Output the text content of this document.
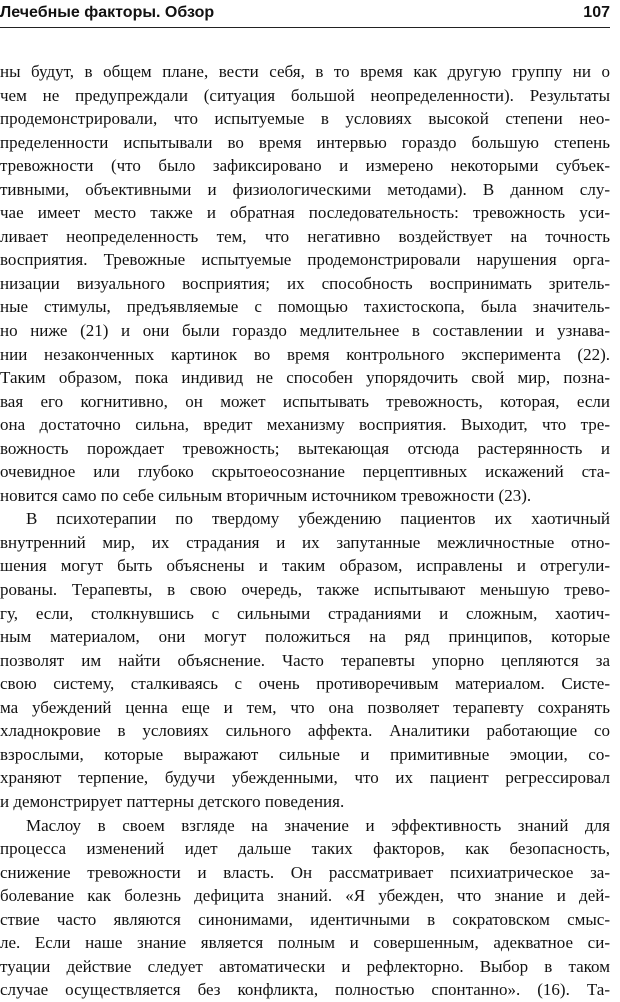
Лечебные факторы. Обзор	107
ны будут, в общем плане, вести себя, в то время как другую группу ни о
чем не предупреждали (ситуация большой неопределенности). Результаты
продемонстрировали, что испытуемые в условиях высокой степени нео-
пределенности испытывали во время интервью гораздо большую степень
тревожности (что было зафиксировано и измерено некоторыми субъек-
тивными, объективными и физиологическими методами). В данном слу-
чае имеет место также и обратная последовательность: тревожность уси-
ливает неопределенность тем, что негативно воздействует на точность
восприятия. Тревожные испытуемые продемонстрировали нарушения орга-
низации визуального восприятия; их способность воспринимать зритель-
ные стимулы, предъявляемые с помощью тахистоскопа, была значитель-
но ниже (21) и они были гораздо медлительнее в составлении и узнава-
нии незаконченных картинок во время контрольного эксперимента (22).
Таким образом, пока индивид не способен упорядочить свой мир, позна-
вая его когнитивно, он может испытывать тревожность, которая, если
она достаточно сильна, вредит механизму восприятия. Выходит, что тре-
вожность порождает тревожность; вытекающая отсюда растерянность и
очевидное или глубоко скрытоеосознание перцептивных искажений ста-
новится само по себе сильным вторичным источником тревожности (23).
В психотерапии по твердому убеждению пациентов их хаотичный
внутренний мир, их страдания и их запутанные межличностные отно-
шения могут быть объяснены и таким образом, исправлены и отрегули-
рованы. Терапевты, в свою очередь, также испытывают меньшую трево-
гу, если, столкнувшись с сильными страданиями и сложным, хаотич-
ным материалом, они могут положиться на ряд принципов, которые
позволят им найти объяснение. Часто терапевты упорно цепляются за
свою систему, сталкиваясь с очень противоречивым материалом. Систе-
ма убеждений ценна еще и тем, что она позволяет терапевту сохранять
хладнокровие в условиях сильного аффекта. Аналитики работающие со
взрослыми, которые выражают сильные и примитивные эмоции, со-
храняют терпение, будучи убежденными, что их пациент регрессировал
и демонстрирует паттерны детского поведения.
Маслоу в своем взгляде на значение и эффективность знаний для
процесса изменений идет дальше таких факторов, как безопасность,
снижение тревожности и власть. Он рассматривает психиатрическое за-
болевание как болезнь дефицита знаний. «Я убежден, что знание и дей-
ствие часто являются синонимами, идентичными в сократовском смыс-
ле. Если наше знание является полным и совершенным, адекватное си-
туации действие следует автоматически и рефлекторно. Выбор в таком
случае осуществляется без конфликта, полностью спонтанно». (16). Та-
